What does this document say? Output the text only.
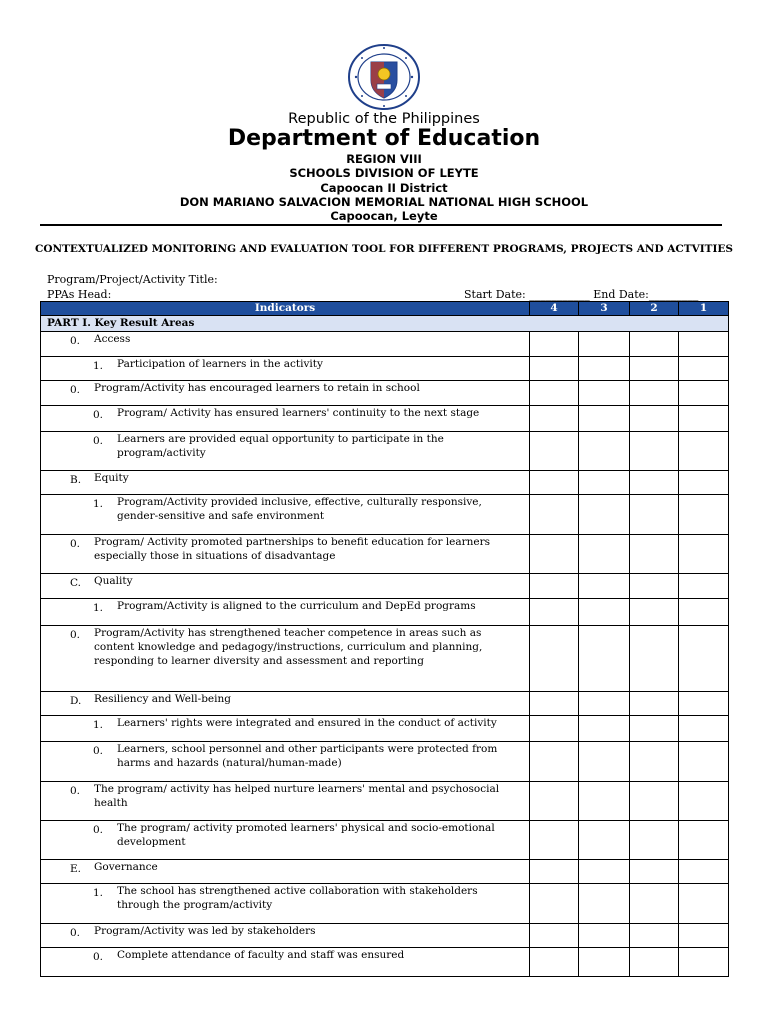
Republic of the Philippines
Department of Education
REGION VIII
SCHOOLS DIVISION OF LEYTE
Capoocan II District
DON MARIANO SALVACION MEMORIAL NATIONAL HIGH SCHOOL
Capoocan, Leyte
CONTEXTUALIZED MONITORING AND EVALUATION TOOL FOR DIFFERENT PROGRAMS, PROJECTS AND ACTVITIES
Program/Project/Activity Title:
PPAs Head:	Start Date: ___________ End Date:_________
Indicators	4	3	2	1
PART I. Key Result Areas				

0. Access				

1. Participation of learners in the activity				

0. Program/Activity has encouraged learners to retain in school				

0. Program/ Activity has ensured learners' continuity to the next stage				

0. Learners are provided equal opportunity to participate in the program/activity				

B. Equity				

1. Program/Activity provided inclusive, effective, culturally responsive, gender-sensitive and safe environment				

0. Program/ Activity promoted partnerships to benefit education for learners especially those in situations of disadvantage				

C. Quality				

1. Program/Activity is aligned to the curriculum and DepEd programs				

0. Program/Activity has strengthened teacher competence in areas such as content knowledge and pedagogy/instructions, curriculum and planning, responding to learner diversity and assessment and reporting				

D. Resiliency and Well-being				

1. Learners' rights were integrated and ensured in the conduct of activity				

0. Learners, school personnel and other participants were protected from harms and hazards (natural/human-made)				

0. The program/ activity has helped nurture learners' mental and psychosocial health				

0. The program/ activity promoted learners' physical and socio-emotional development				

E. Governance				

1. The school has strengthened active collaboration with stakeholders through the program/activity				

0. Program/Activity was led by stakeholders				

0. Complete attendance of faculty and staff was ensured				
